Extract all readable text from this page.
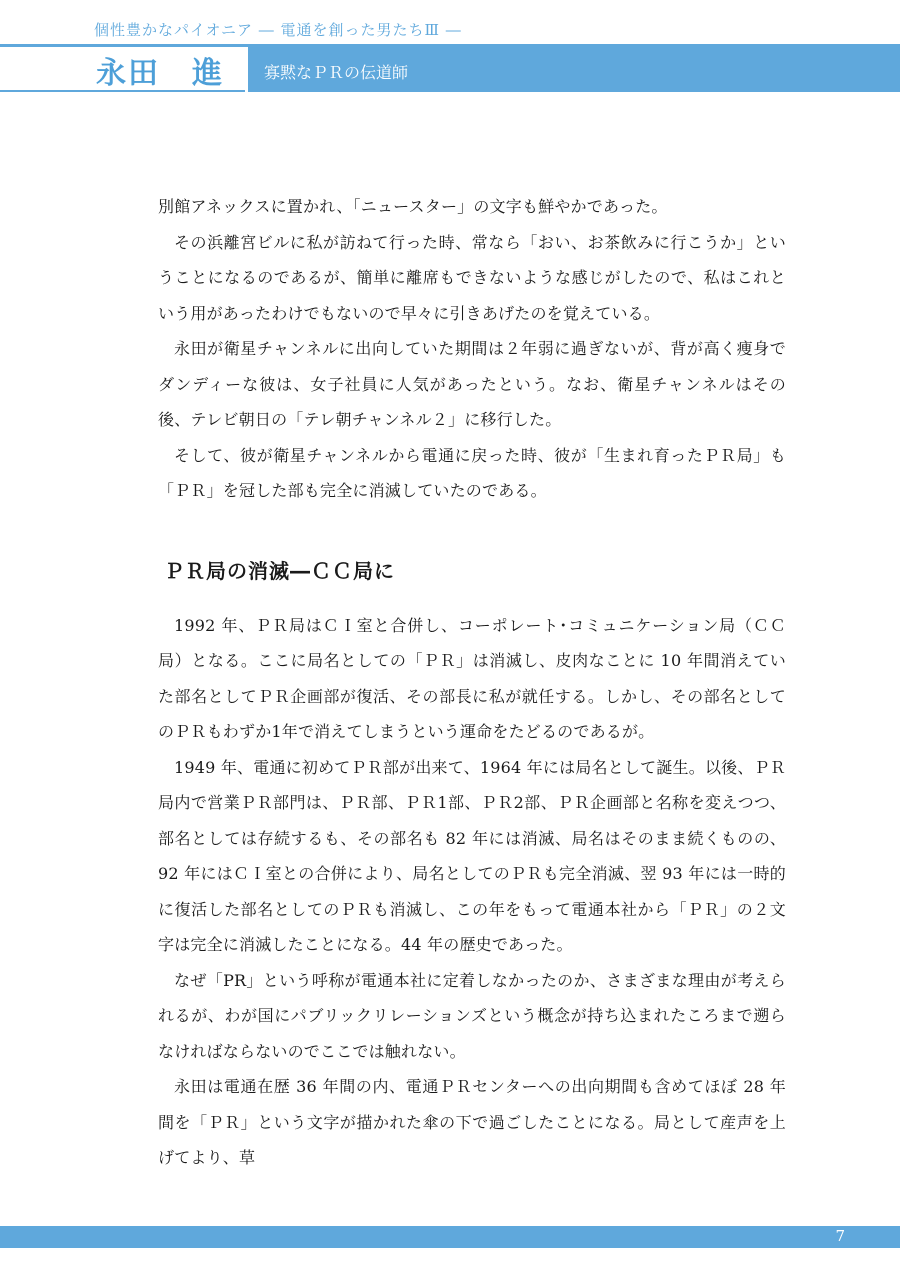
個性豊かなパイオニア ― 電通を創った男たちⅢ ―
永田　進	寡黙なＰＲの伝道師

別館アネックスに置かれ、「ニュースター」の文字も鮮やかであった。

その浜離宮ビルに私が訪ねて行った時、常なら「おい、お茶飲みに行こうか」ということになるのであるが、簡単に離席もできないような感じがしたので、私はこれという用があったわけでもないので早々に引きあげたのを覚えている。

永田が衛星チャンネルに出向していた期間は２年弱に過ぎないが、背が高く痩身でダンディーな彼は、女子社員に人気があったという。なお、衛星チャンネルはその後、テレビ朝日の「テレ朝チャンネル２」に移行した。

そして、彼が衛星チャンネルから電通に戻った時、彼が「生まれ育ったＰＲ局」も「ＰＲ」を冠した部も完全に消滅していたのである。

ＰＲ局の消滅―ＣＣ局に

1992 年、ＰＲ局はＣＩ室と合併し、コーポレート･コミュニケーション局（ＣＣ局）となる。ここに局名としての「ＰＲ」は消滅し、皮肉なことに 10 年間消えていた部名としてＰＲ企画部が復活、その部長に私が就任する。しかし、その部名としてのＰＲもわずか1年で消えてしまうという運命をたどるのであるが。

1949 年、電通に初めてＰＲ部が出来て、1964 年には局名として誕生。以後、ＰＲ局内で営業ＰＲ部門は、ＰＲ部、ＰＲ1部、ＰＲ2部、ＰＲ企画部と名称を変えつつ、部名としては存続するも、その部名も 82 年には消滅、局名はそのまま続くものの、92 年にはＣＩ室との合併により、局名としてのＰＲも完全消滅、翌 93 年には一時的に復活した部名としてのＰＲも消滅し、この年をもって電通本社から「ＰＲ」の２文字は完全に消滅したことになる。44 年の歴史であった。

なぜ「PR」という呼称が電通本社に定着しなかったのか、さまざまな理由が考えられるが、わが国にパブリックリレーションズという概念が持ち込まれたころまで遡らなければならないのでここでは触れない。

永田は電通在歴 36 年間の内、電通ＰＲセンターへの出向期間も含めてほぼ 28 年間を「ＰＲ」という文字が描かれた傘の下で過ごしたことになる。局として産声を上げてより、草

7
